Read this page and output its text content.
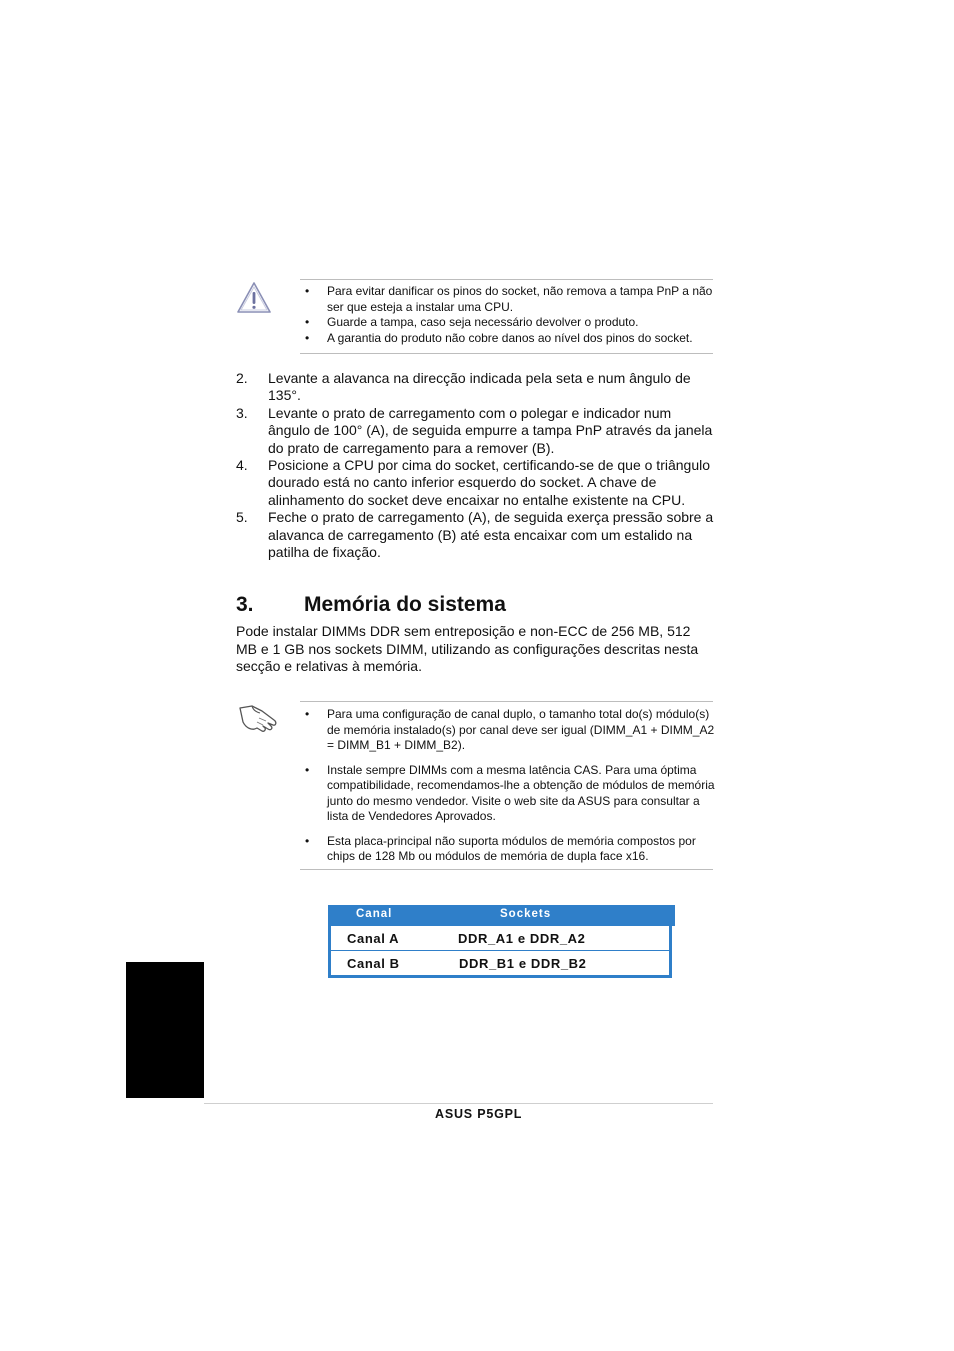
• Para evitar danificar os pinos do socket, não remova a tampa PnP a não ser que esteja a instalar uma CPU.
• Guarde a tampa, caso seja necessário devolver o produto.
• A garantia do produto não cobre danos ao nível dos pinos do socket.
2. Levante a alavanca na direcção indicada pela seta e num ângulo de 135°.
3. Levante o prato de carregamento com o polegar e indicador num ângulo de 100° (A), de seguida empurre a tampa PnP através da janela do prato de carregamento para a remover (B).
4. Posicione a CPU por cima do socket, certificando-se de que o triângulo dourado está no canto inferior esquerdo do socket. A chave de alinhamento do socket deve encaixar no entalhe existente na CPU.
5. Feche o prato de carregamento (A), de seguida exerça pressão sobre a alavanca de carregamento (B) até esta encaixar com um estalido na patilha de fixação.
3. Memória do sistema

Pode instalar DIMMs DDR sem entreposição e non-ECC de 256 MB, 512 MB e 1 GB nos sockets DIMM, utilizando as configurações descritas nesta secção e relativas à memória.

• Para uma configuração de canal duplo, o tamanho total do(s) módulo(s) de memória instalado(s) por canal deve ser igual (DIMM_A1 + DIMM_A2 = DIMM_B1 + DIMM_B2).
• Instale sempre DIMMs com a mesma latência CAS. Para uma óptima compatibilidade, recomendamos-lhe a obtenção de módulos de memória junto do mesmo vendedor. Visite o web site da ASUS para consultar a lista de Vendedores Aprovados.
• Esta placa-principal não suporta módulos de memória compostos por chips de 128 Mb ou módulos de memória de dupla face x16.
Canal	Sockets
Canal A	DDR_A1 e DDR_A2
Canal B	DDR_B1 e DDR_B2
ASUS P5GPL
